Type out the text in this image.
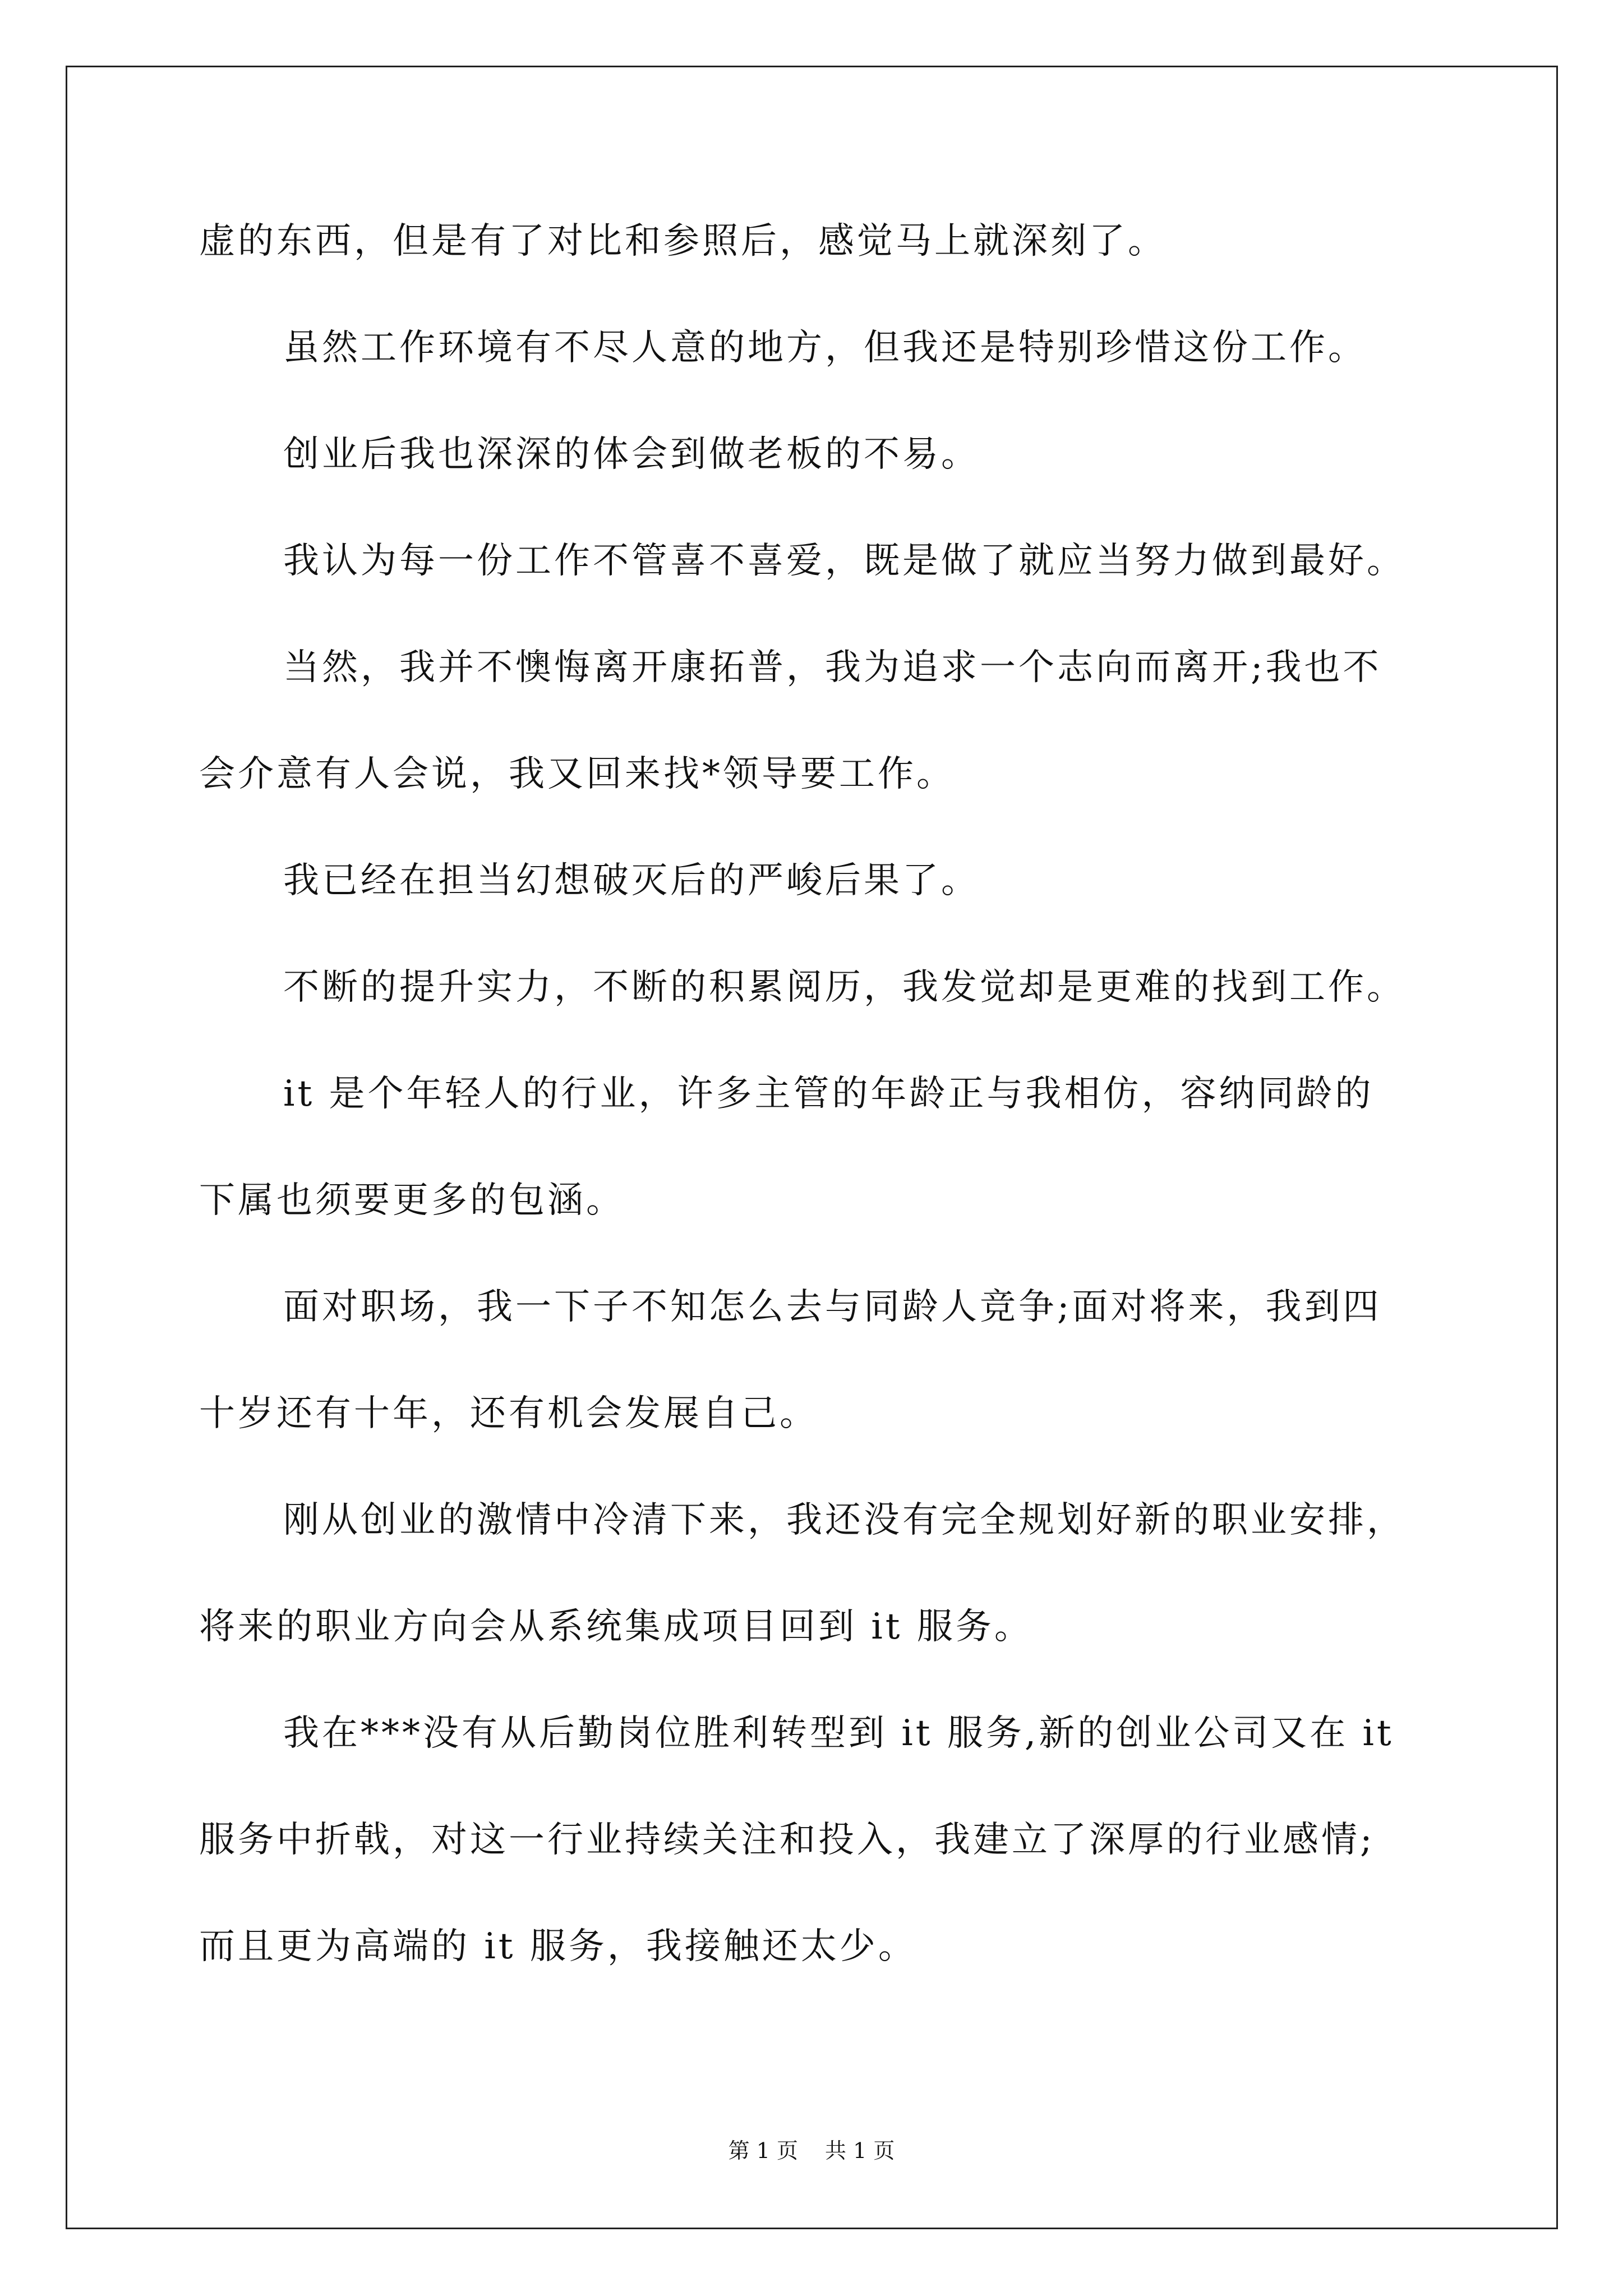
虚的东西，但是有了对比和参照后，感觉马上就深刻了。
虽然工作环境有不尽人意的地方，但我还是特别珍惜这份工作。
创业后我也深深的体会到做老板的不易。
我认为每一份工作不管喜不喜爱，既是做了就应当努力做到最好。
当然，我并不懊悔离开康拓普，我为追求一个志向而离开;我也不
会介意有人会说，我又回来找*领导要工作。
我已经在担当幻想破灭后的严峻后果了。
不断的提升实力，不断的积累阅历，我发觉却是更难的找到工作。
it 是个年轻人的行业，许多主管的年龄正与我相仿，容纳同龄的
下属也须要更多的包涵。
面对职场，我一下子不知怎么去与同龄人竞争;面对将来，我到四
十岁还有十年，还有机会发展自己。
刚从创业的激情中冷清下来，我还没有完全规划好新的职业安排，
将来的职业方向会从系统集成项目回到 it 服务。
我在***没有从后勤岗位胜利转型到 it 服务,新的创业公司又在 it
服务中折戟，对这一行业持续关注和投入，我建立了深厚的行业感情;
而且更为高端的 it 服务，我接触还太少。
第 1 页 共 1 页
